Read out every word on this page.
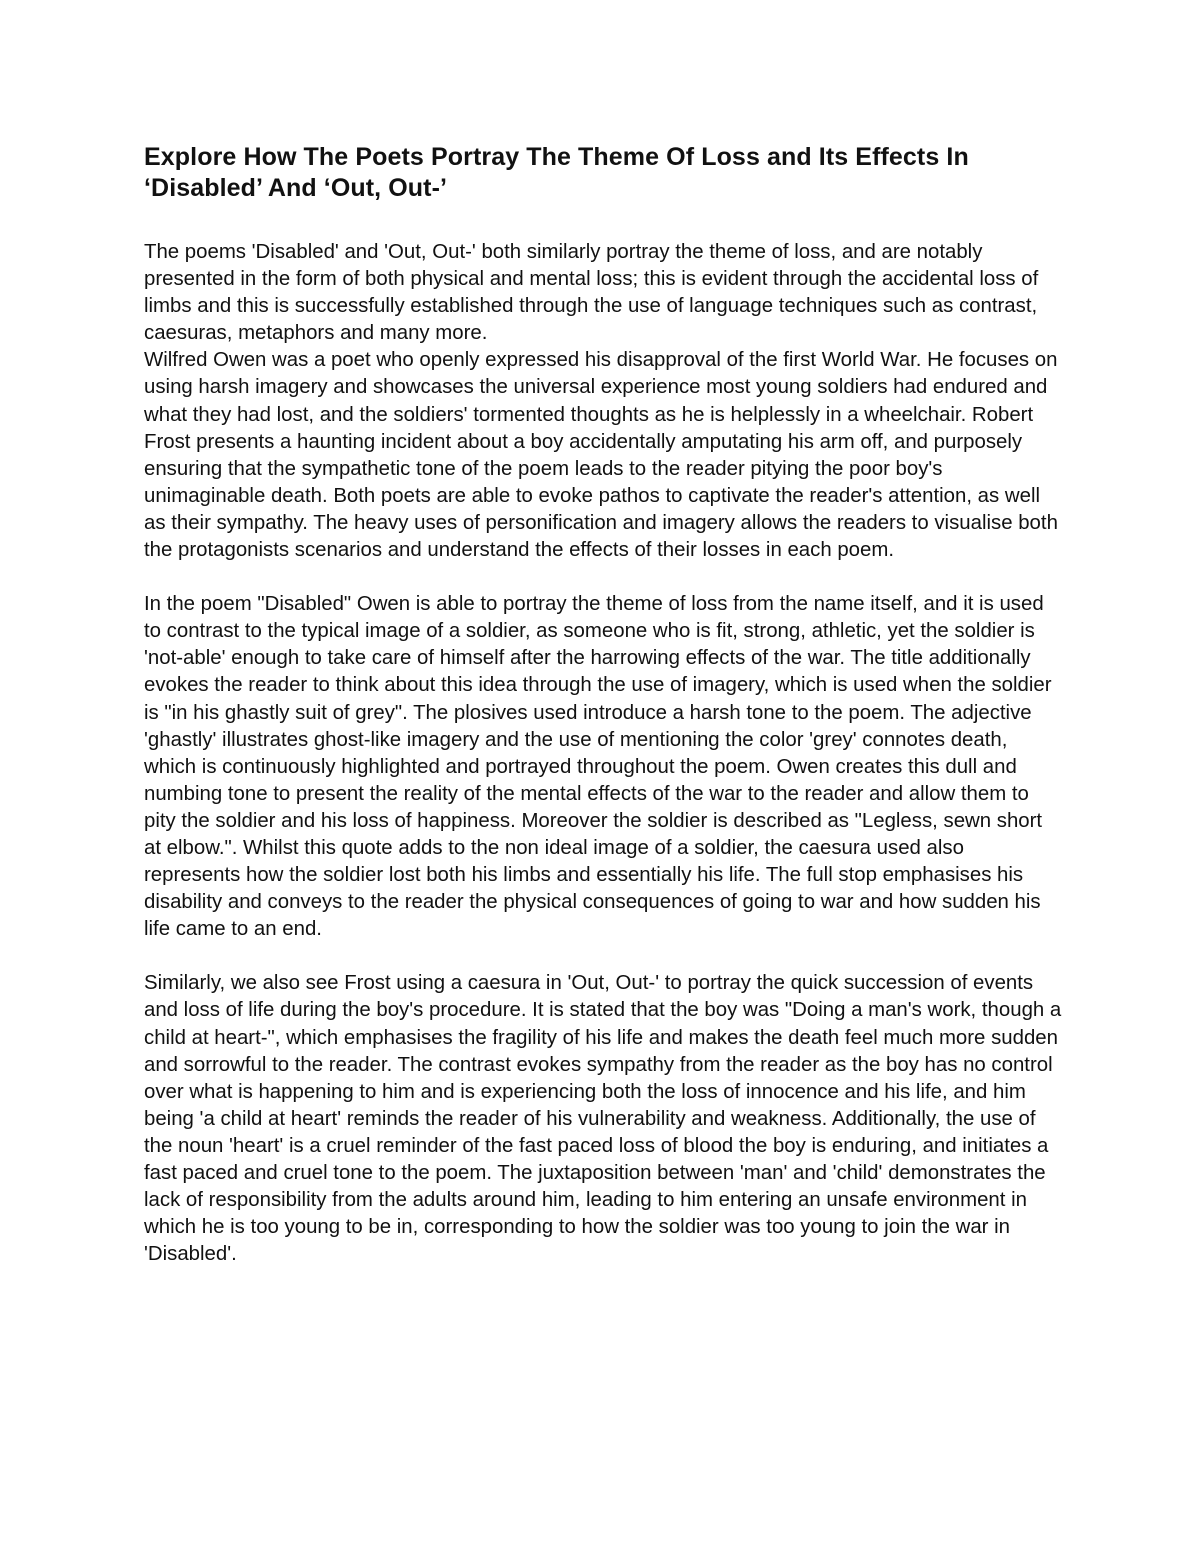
Explore How The Poets Portray The Theme Of Loss and Its Effects In ‘Disabled’ And ‘Out, Out-’

The poems 'Disabled' and 'Out, Out-' both similarly portray the theme of loss, and are notably presented in the form of both physical and mental loss; this is evident through the accidental loss of limbs and this is successfully established through the use of language techniques such as contrast, caesuras, metaphors and many more.
Wilfred Owen was a poet who openly expressed his disapproval of the first World War. He focuses on using harsh imagery and showcases the universal experience most young soldiers had endured and what they had lost, and the soldiers' tormented thoughts as he is helplessly in a wheelchair. Robert Frost presents a haunting incident about a boy accidentally amputating his arm off, and purposely ensuring that the sympathetic tone of the poem leads to the reader pitying the poor boy's unimaginable death. Both poets are able to evoke pathos to captivate the reader's attention, as well as their sympathy. The heavy uses of personification and imagery allows the readers to visualise both the protagonists scenarios and understand the effects of their losses in each poem.

In the poem "Disabled" Owen is able to portray the theme of loss from the name itself, and it is used to contrast to the typical image of a soldier, as someone who is fit, strong, athletic, yet the soldier is 'not-able' enough to take care of himself after the harrowing effects of the war. The title additionally evokes the reader to think about this idea through the use of imagery, which is used when the soldier is "in his ghastly suit of grey". The plosives used introduce a harsh tone to the poem. The adjective 'ghastly' illustrates ghost-like imagery and the use of mentioning the color 'grey' connotes death, which is continuously highlighted and portrayed throughout the poem. Owen creates this dull and numbing tone to present the reality of the mental effects of the war to the reader and allow them to pity the soldier and his loss of happiness. Moreover the soldier is described as "Legless, sewn short at elbow.". Whilst this quote adds to the non ideal image of a soldier, the caesura used also represents how the soldier lost both his limbs and essentially his life. The full stop emphasises his disability and conveys to the reader the physical consequences of going to war and how sudden his life came to an end.

Similarly, we also see Frost using a caesura in 'Out, Out-' to portray the quick succession of events and loss of life during the boy's procedure. It is stated that the boy was "Doing a man's work, though a child at heart-", which emphasises the fragility of his life and makes the death feel much more sudden and sorrowful to the reader. The contrast evokes sympathy from the reader as the boy has no control over what is happening to him and is experiencing both the loss of innocence and his life, and him being 'a child at heart' reminds the reader of his vulnerability and weakness. Additionally, the use of the noun 'heart' is a cruel reminder of the fast paced loss of blood the boy is enduring, and initiates a fast paced and cruel tone to the poem. The juxtaposition between 'man' and 'child' demonstrates the lack of responsibility from the adults around him, leading to him entering an unsafe environment in which he is too young to be in, corresponding to how the soldier was too young to join the war in 'Disabled'.
